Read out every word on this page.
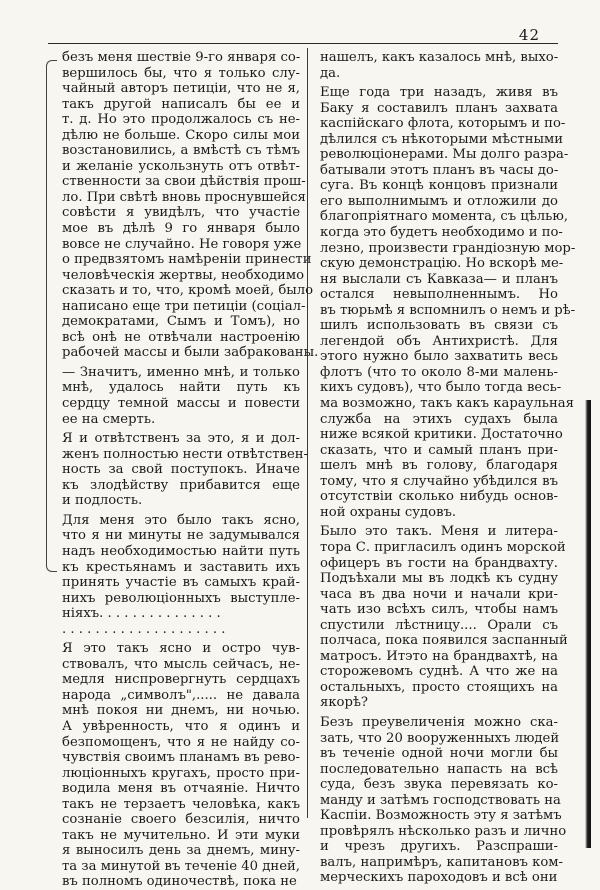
42
безъ меня шествіе 9-го января со-
вершилось бы, что я только слу-
чайный авторъ петиціи, что не я,
такъ другой написалъ бы ее и
т. д. Но это продолжалось съ не-
дѣлю не больше. Скоро силы мои
возстановились, а вмѣстѣ съ тѣмъ
и желаніе ускользнуть отъ отвѣт-
ственности за свои дѣйствія прош-
ло. При свѣтѣ вновь проснувшейся
совѣсти я увидѣлъ, что участіе
мое въ дѣлѣ 9 го января было
вовсе не случайно. Не говоря уже
о предвзятомъ намѣреніи принести
человѣческія жертвы, необходимо
сказать и то, что, кромѣ моей, было
написано еще три петиціи (соціал-
демократами, Сымъ и Томъ), но
всѣ онѣ не отвѣчали настроенію
рабочей массы и были забракованы.
— Значитъ, именно мнѣ, и только
мнѣ, удалось найти путь къ
сердцу темной массы и повести
ее на смерть.
Я и отвѣтственъ за это, я и дол-
женъ полностью нести отвѣтствен-
ность за свой поступокъ. Иначе
къ злодѣйству прибавится еще
и подлость.
Для меня это было такъ ясно,
что я ни минуты не задумывался
надъ необходимостью найти путь
къ крестьянамъ и заставить ихъ
принять участіе въ самыхъ край-
нихъ революціонныхъ выступле-
ніяхъ. . . . . . . . . . . . . . .
. . . . . . . . . . . . . . . . . . . .
Я это такъ ясно и остро чув-
ствовалъ, что мысль сейчасъ, не-
медля ниспровергнуть сердцахъ
народа „символъ",..... не давала
мнѣ покоя ни днемъ, ни ночью.
А увѣренность, что я одинъ и
безпомощенъ, что я не найду со-
чувствія своимъ планамъ въ рево-
люціонныхъ кругахъ, просто при-
водила меня въ отчаяніе. Ничто
такъ не терзаетъ человѣка, какъ
сознаніе своего безсилія, ничто
такъ не мучительно. И эти муки
я выносилъ день за днемъ, мину-
та за минутой въ теченіе 40 дней,
въ полномъ одиночествѣ, пока не
нашелъ, какъ казалось мнѣ, выхо-
да.
Еще года три назадъ, живя въ
Баку я составилъ планъ захвата
каспійскаго флота, которымъ и по-
дѣлился съ нѣкоторыми мѣстными
революціонерами. Мы долго разра-
батывали этотъ планъ въ часы до-
суга. Въ концѣ концовъ признали
его выполнимымъ и отложили до
благопріятнаго момента, съ цѣлью,
когда это будетъ необходимо и по-
лезно, произвести грандіозную мор-
скую демонстрацію. Но вскорѣ ме-
ня выслали съ Кавказа— и планъ
остался невыполненнымъ. Но
въ тюрьмѣ я вспомнилъ о немъ и рѣ-
шилъ использовать въ связи съ
легендой объ Антихристѣ. Для
этого нужно было захватить весь
флотъ (что то около 8-ми малень-
кихъ судовъ), что было тогда весь-
ма возможно, такъ какъ караульная
служба на этихъ судахъ была
ниже всякой критики. Достаточно
сказать, что и самый планъ при-
шелъ мнѣ въ голову, благодаря
тому, что я случайно убѣдился въ
отсутствіи сколько нибудь основ-
ной охраны судовъ.
Было это такъ. Меня и литера-
тора С. пригласилъ одинъ морской
офицеръ въ гости на брандвахту.
Подъѣхали мы въ лодкѣ къ судну
часа въ два ночи и начали кри-
чать изо всѣхъ силъ, чтобы намъ
спустили лѣстницу.... Орали съ
полчаса, пока появился заспанный
матросъ. Итэто на брандвахтѣ, на
сторожевомъ суднѣ. А что же на
остальныхъ, просто стоящихъ на
якорѣ?
Безъ преувеличенія можно ска-
зать, что 20 вооруженныхъ людей
въ теченіе одной ночи могли бы
последовательно напасть на всѣ
суда, безъ звука перевязать ко-
манду и затѣмъ господствовать на
Каспіи. Возможность эту я затѣмъ
провѣрялъ нѣсколько разъ и лично
и чрезъ другихъ. Разспраши-
валъ, напримѣръ, капитановъ ком-
мерческихъ пароходовъ и всѣ они
